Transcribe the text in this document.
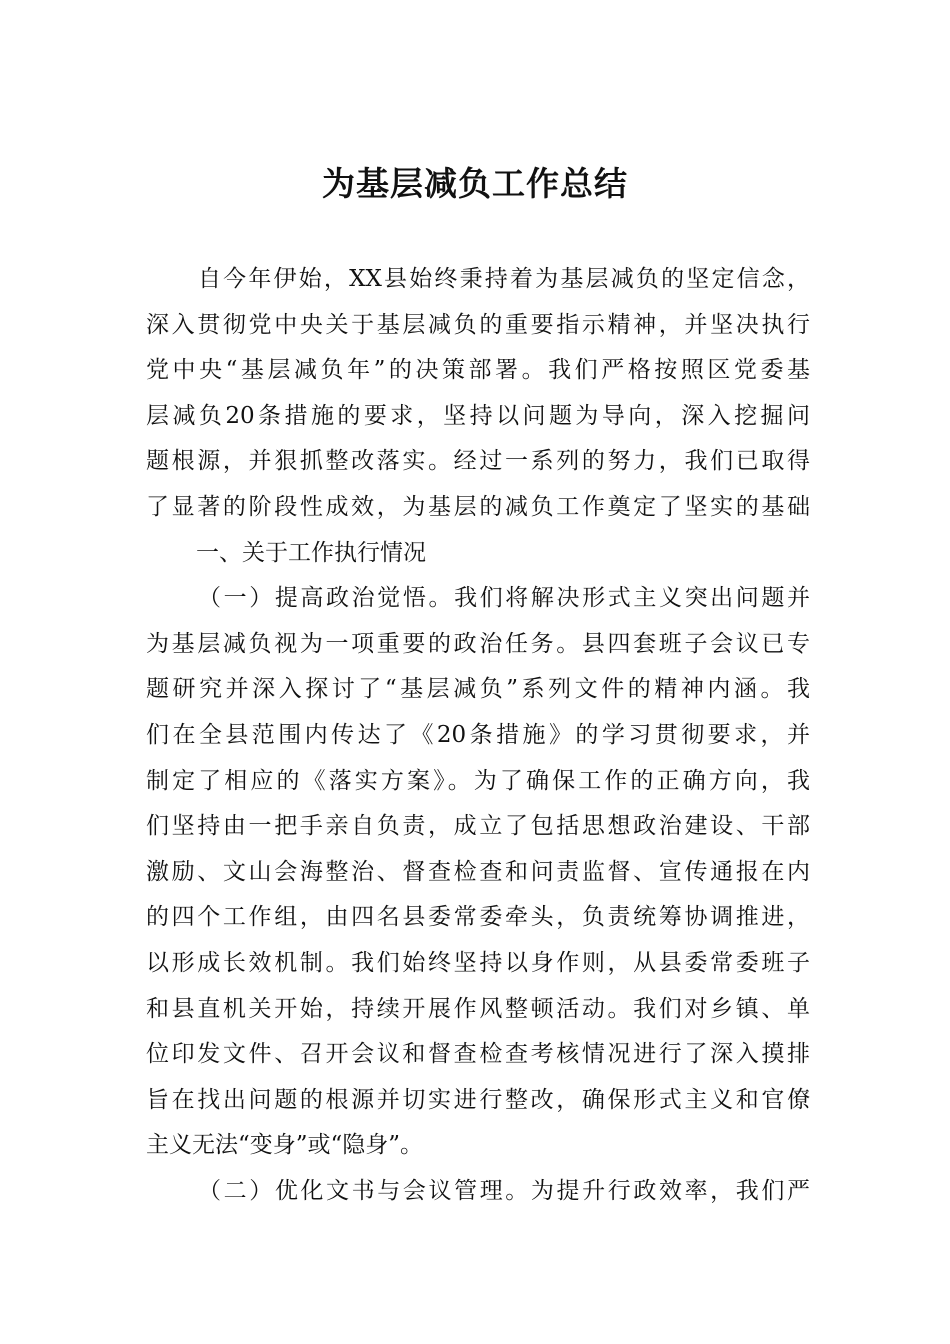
为基层减负工作总结
自今年伊始，XX县始终秉持着为基层减负的坚定信念，
深入贯彻党中央关于基层减负的重要指示精神，并坚决执行
党中央“基层减负年”的决策部署。我们严格按照区党委基
层减负20条措施的要求，坚持以问题为导向，深入挖掘问
题根源，并狠抓整改落实。经过一系列的努力，我们已取得
了显著的阶段性成效，为基层的减负工作奠定了坚实的基础
一、关于工作执行情况
（一）提高政治觉悟。我们将解决形式主义突出问题并
为基层减负视为一项重要的政治任务。县四套班子会议已专
题研究并深入探讨了“基层减负”系列文件的精神内涵。我
们在全县范围内传达了《20条措施》的学习贯彻要求，并
制定了相应的《落实方案》。为了确保工作的正确方向，我
们坚持由一把手亲自负责，成立了包括思想政治建设、干部
激励、文山会海整治、督查检查和问责监督、宣传通报在内
的四个工作组，由四名县委常委牵头，负责统筹协调推进，
以形成长效机制。我们始终坚持以身作则，从县委常委班子
和县直机关开始，持续开展作风整顿活动。我们对乡镇、单
位印发文件、召开会议和督查检查考核情况进行了深入摸排
旨在找出问题的根源并切实进行整改，确保形式主义和官僚
主义无法“变身”或“隐身”。
（二）优化文书与会议管理。为提升行政效率，我们严
